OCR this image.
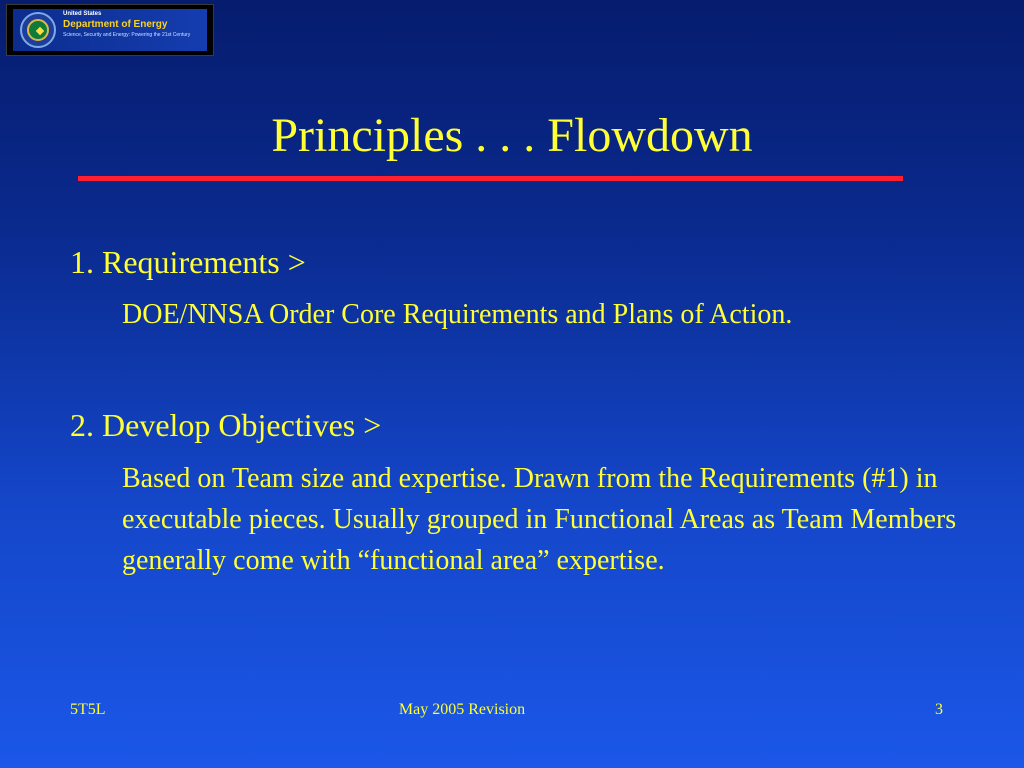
United States
Department of Energy
Science, Security and Energy: Powering the 21st Century
Principles . . . Flowdown
1. Requirements >
DOE/NNSA Order Core Requirements and Plans of Action.
2. Develop Objectives >
Based on Team size and expertise. Drawn from the Requirements (#1) in executable pieces. Usually grouped in Functional Areas as Team Members generally come with “functional area” expertise.
5T5L	May 2005 Revision	3
